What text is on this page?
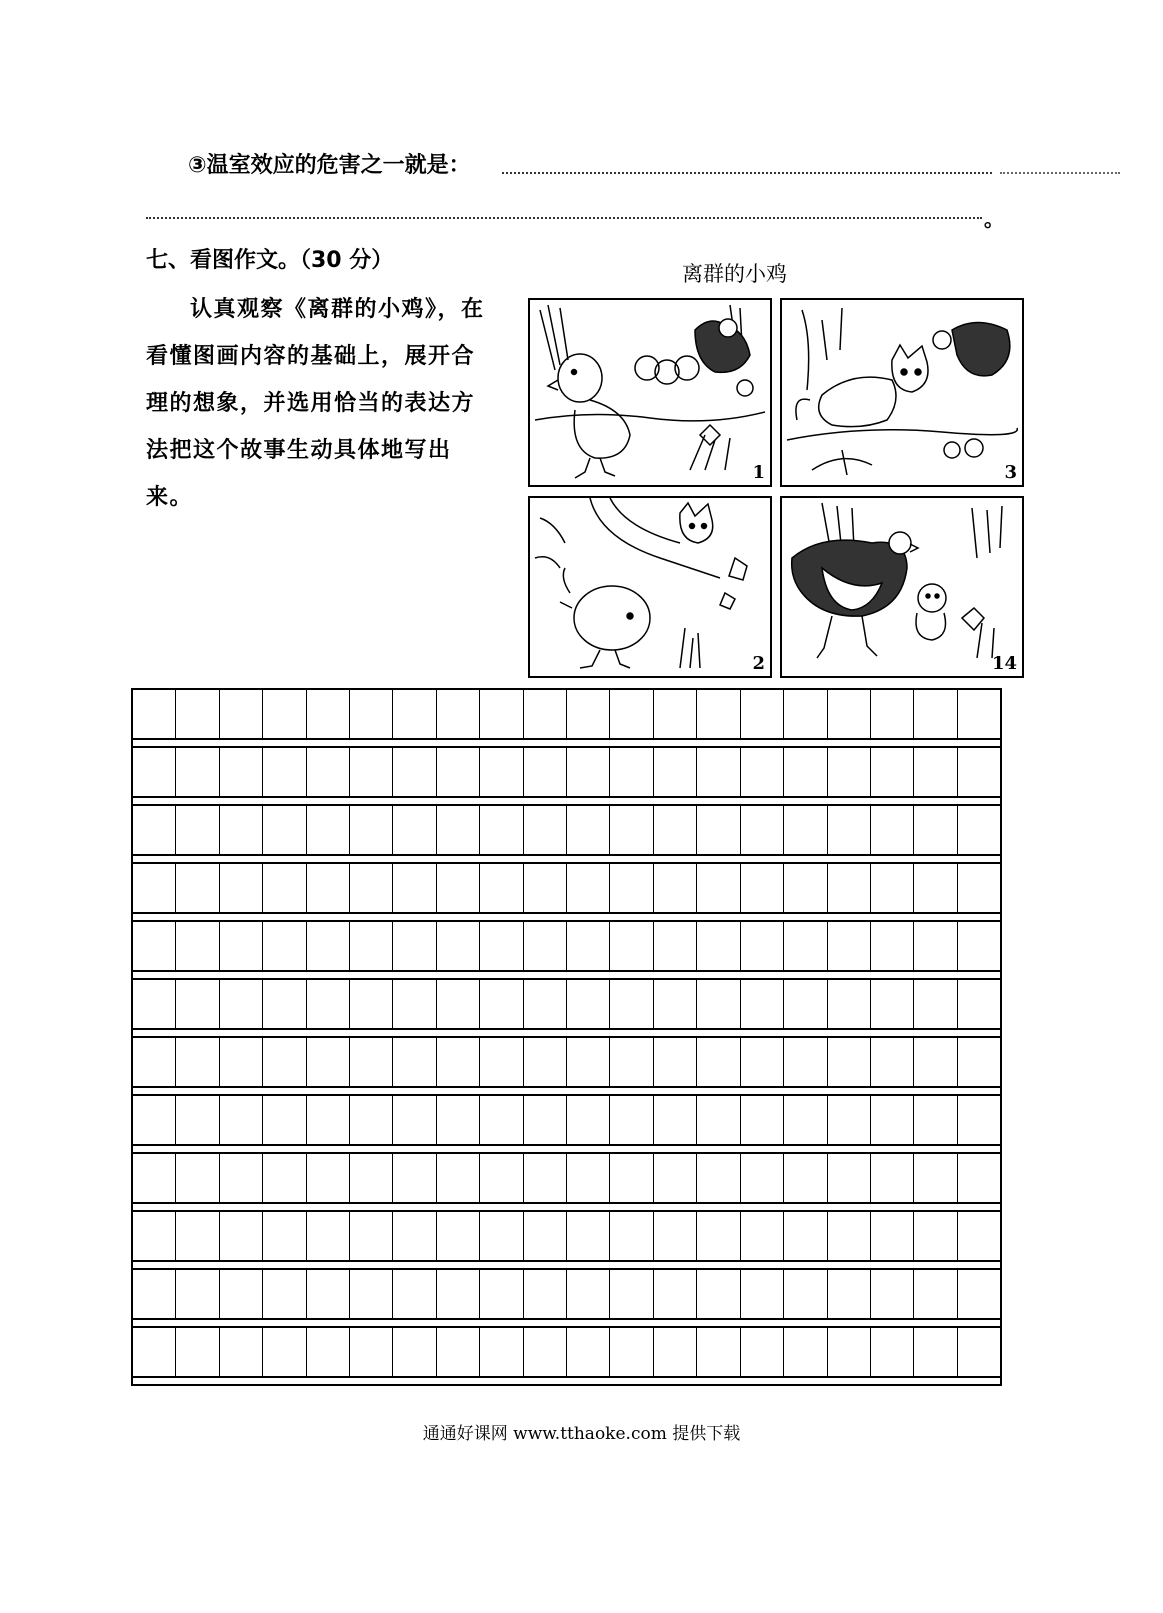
③温室效应的危害之一就是：
。
七、看图作文。（30 分）
认真观察《离群的小鸡》，在
看懂图画内容的基础上，展开合
理的想象，并选用恰当的表达方
法把这个故事生动具体地写出
来。
离群的小鸡
1	3
2	14
通通好课网 www.tthaoke.com 提供下载
